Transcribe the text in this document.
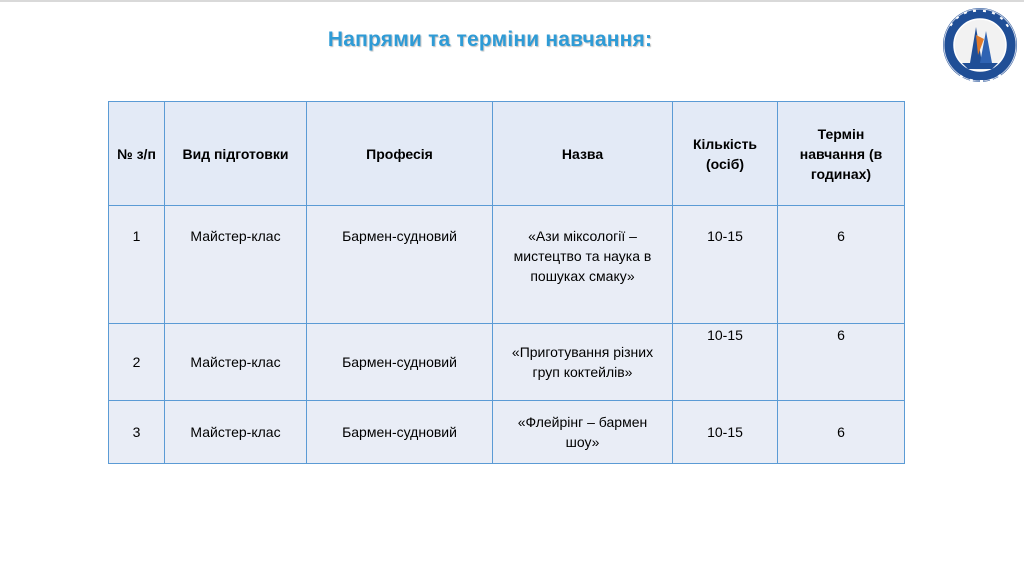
Напрями та терміни навчання:
№ з/п	Вид підготовки	Професія	Назва	Кількість (осіб)	Термін навчання (в годинах)
1	Майстер-клас	Бармен-судновий	«Ази міксології – мистецтво та наука в пошуках смаку»	10-15	6
2	Майстер-клас	Бармен-судновий	«Приготування різних груп коктейлів»	10-15	6
3	Майстер-клас	Бармен-судновий	«Флейрінг – бармен шоу»	10-15	6
